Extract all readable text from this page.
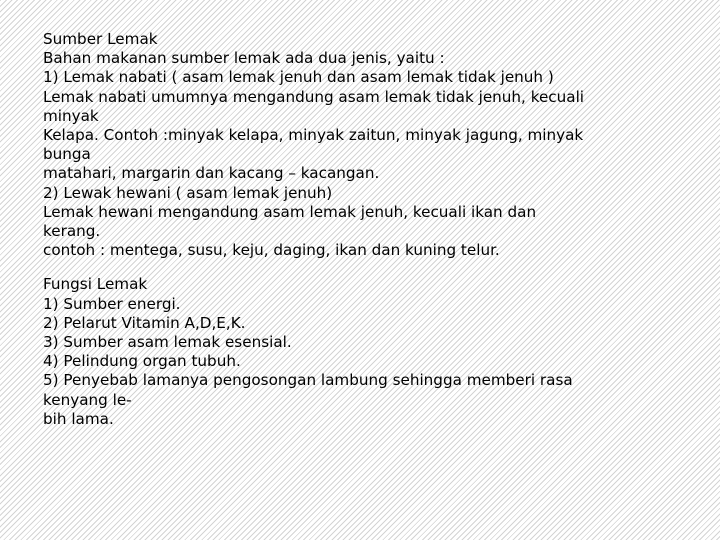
Sumber Lemak
Bahan makanan sumber lemak ada dua jenis, yaitu :
1) Lemak nabati ( asam lemak jenuh dan asam lemak tidak jenuh )
Lemak nabati umumnya mengandung asam lemak tidak jenuh, kecuali
minyak
Kelapa. Contoh :minyak kelapa, minyak zaitun, minyak jagung, minyak
bunga
matahari, margarin dan kacang – kacangan.
2) Lewak hewani ( asam lemak jenuh)
Lemak hewani mengandung asam lemak jenuh, kecuali ikan dan
kerang.
contoh : mentega, susu, keju, daging, ikan dan kuning telur.
Fungsi Lemak
1) Sumber energi.
2) Pelarut Vitamin A,D,E,K.
3) Sumber asam lemak esensial.
4) Pelindung organ tubuh.
5) Penyebab lamanya pengosongan lambung sehingga memberi rasa
kenyang le-
bih lama.
